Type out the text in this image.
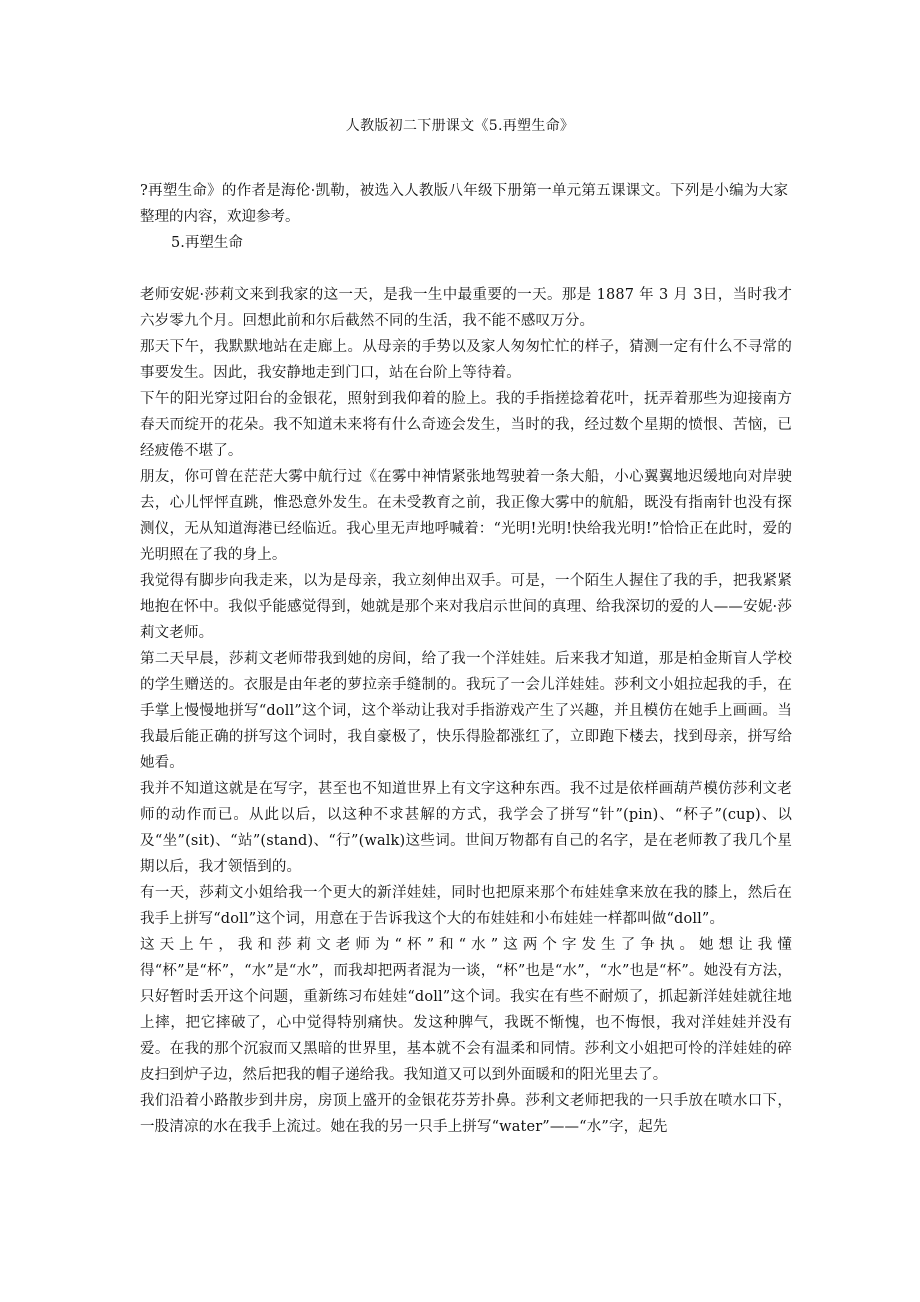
人教版初二下册课文《5.再塑生命》

?再塑生命》的作者是海伦·凯勒，被选入人教版八年级下册第一单元第五课课文。下列是小编为大家整理的内容，欢迎参考。

5.再塑生命

老师安妮·莎莉文来到我家的这一天，是我一生中最重要的一天。那是 1887 年 3 月 3日，当时我才六岁零九个月。回想此前和尔后截然不同的生活，我不能不感叹万分。

那天下午，我默默地站在走廊上。从母亲的手势以及家人匆匆忙忙的样子，猜测一定有什么不寻常的事要发生。因此，我安静地走到门口，站在台阶上等待着。

下午的阳光穿过阳台的金银花，照射到我仰着的脸上。我的手指搓捻着花叶，抚弄着那些为迎接南方春天而绽开的花朵。我不知道未来将有什么奇迹会发生，当时的我，经过数个星期的愤恨、苦恼，已经疲倦不堪了。

朋友，你可曾在茫茫大雾中航行过《在雾中神情紧张地驾驶着一条大船，小心翼翼地迟缓地向对岸驶去，心儿怦怦直跳，惟恐意外发生。在未受教育之前，我正像大雾中的航船，既没有指南针也没有探测仪，无从知道海港已经临近。我心里无声地呼喊着：“光明!光明!快给我光明!”恰恰正在此时，爱的光明照在了我的身上。

我觉得有脚步向我走来，以为是母亲，我立刻伸出双手。可是，一个陌生人握住了我的手，把我紧紧地抱在怀中。我似乎能感觉得到，她就是那个来对我启示世间的真理、给我深切的爱的人——安妮·莎莉文老师。

第二天早晨，莎莉文老师带我到她的房间，给了我一个洋娃娃。后来我才知道，那是柏金斯盲人学校的学生赠送的。衣服是由年老的萝拉亲手缝制的。我玩了一会儿洋娃娃。莎利文小姐拉起我的手，在手掌上慢慢地拼写“doll”这个词，这个举动让我对手指游戏产生了兴趣，并且模仿在她手上画画。当我最后能正确的拼写这个词时，我自豪极了，快乐得脸都涨红了，立即跑下楼去，找到母亲，拼写给她看。

我并不知道这就是在写字，甚至也不知道世界上有文字这种东西。我不过是依样画葫芦模仿莎利文老师的动作而已。从此以后，以这种不求甚解的方式，我学会了拼写“针”(pin)、“杯子”(cup)、以及“坐”(sit)、“站”(stand)、“行”(walk)这些词。世间万物都有自己的名字，是在老师教了我几个星期以后，我才领悟到的。

有一天，莎莉文小姐给我一个更大的新洋娃娃，同时也把原来那个布娃娃拿来放在我的膝上，然后在我手上拼写“doll”这个词，用意在于告诉我这个大的布娃娃和小布娃娃一样都叫做“doll”。

这天上午，我和莎莉文老师为“杯”和“水”这两个字发生了争执。她想让我懂得“杯”是“杯”，“水”是“水”，而我却把两者混为一谈，“杯”也是“水”，“水”也是“杯”。她没有方法，只好暂时丢开这个问题，重新练习布娃娃“doll”这个词。我实在有些不耐烦了，抓起新洋娃娃就往地上摔，把它摔破了，心中觉得特别痛快。发这种脾气，我既不惭愧，也不悔恨，我对洋娃娃并没有爱。在我的那个沉寂而又黑暗的世界里，基本就不会有温柔和同情。莎利文小姐把可怜的洋娃娃的碎皮扫到炉子边，然后把我的帽子递给我。我知道又可以到外面暖和的阳光里去了。

我们沿着小路散步到井房，房顶上盛开的金银花芬芳扑鼻。莎利文老师把我的一只手放在喷水口下，一股清凉的水在我手上流过。她在我的另一只手上拼写“water”——“水”字，起先
